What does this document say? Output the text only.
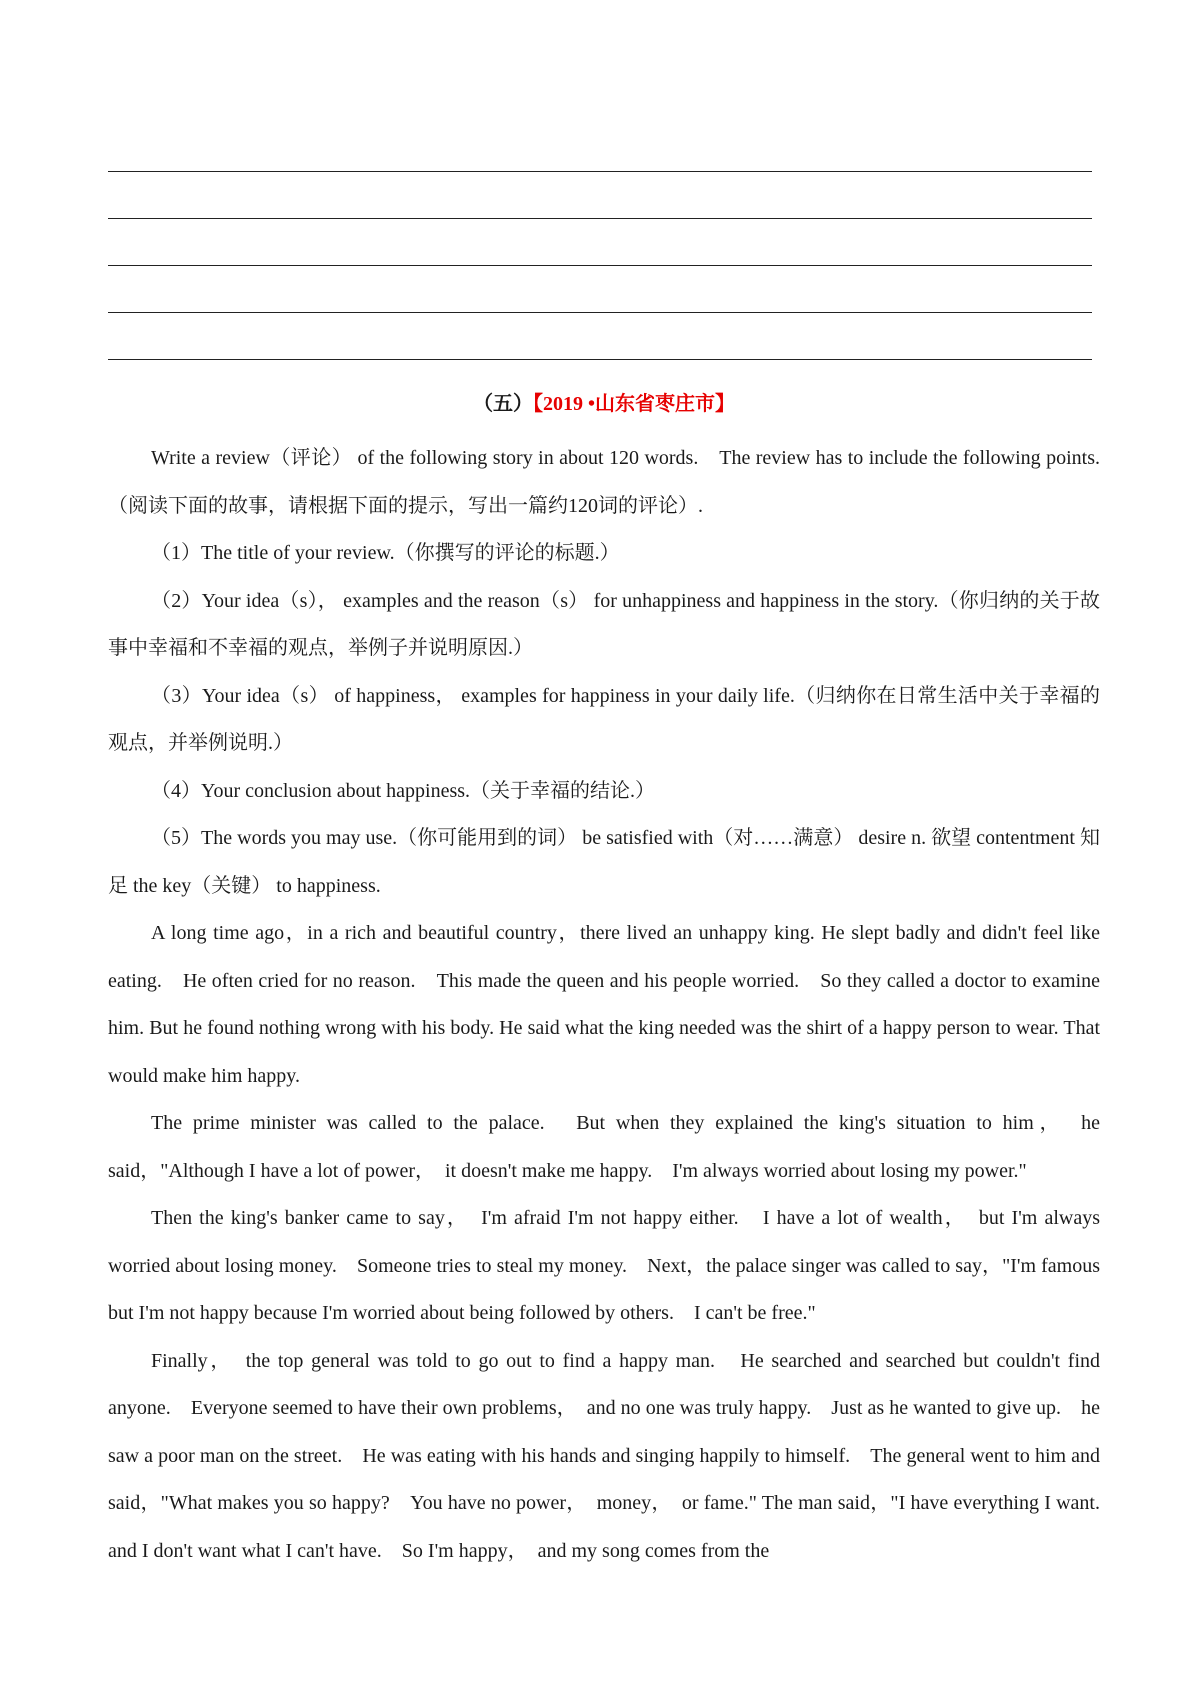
（五）【2019 •山东省枣庄市】

Write a review（评论） of the following story in about 120 words.　The review has to include the following points.（阅读下面的故事，请根据下面的提示，写出一篇约120词的评论）.

（1）The title of your review.（你撰写的评论的标题.）

（2）Your idea（s）， examples and the reason（s） for unhappiness and happiness in the story.（你归纳的关于故事中幸福和不幸福的观点，举例子并说明原因.）

（3）Your idea（s） of happiness， examples for happiness in your daily life.（归纳你在日常生活中关于幸福的观点，并举例说明.）

（4）Your conclusion about happiness.（关于幸福的结论.）

（5）The words you may use.（你可能用到的词） be satisfied with（对……满意） desire n. 欲望 contentment 知足 the key（关键） to happiness.

A long time ago，in a rich and beautiful country，there lived an unhappy king. He slept badly and didn't feel like eating.　He often cried for no reason.　This made the queen and his people worried.　So they called a doctor to examine him. But he found nothing wrong with his body. He said what the king needed was the shirt of a happy person to wear. That would make him happy.

The prime minister was called to the palace.　But when they explained the king's situation to him，　he said，"Although I have a lot of power，　it doesn't make me happy.　I'm always worried about losing my power."

Then the king's banker came to say，　I'm afraid I'm not happy either.　I have a lot of wealth，　but I'm always worried about losing money.　Someone tries to steal my money.　Next，the palace singer was called to say，"I'm famous but I'm not happy because I'm worried about being followed by others.　I can't be free."

Finally，　the top general was told to go out to find a happy man.　He searched and searched but couldn't find anyone.　Everyone seemed to have their own problems，　and no one was truly happy.　Just as he wanted to give up.　he saw a poor man on the street.　He was eating with his hands and singing happily to himself.　The general went to him and said，"What makes you so happy?　You have no power，　money，　or fame." The man said，"I have everything I want.　and I don't want what I can't have.　So I'm happy，　and my song comes from the
